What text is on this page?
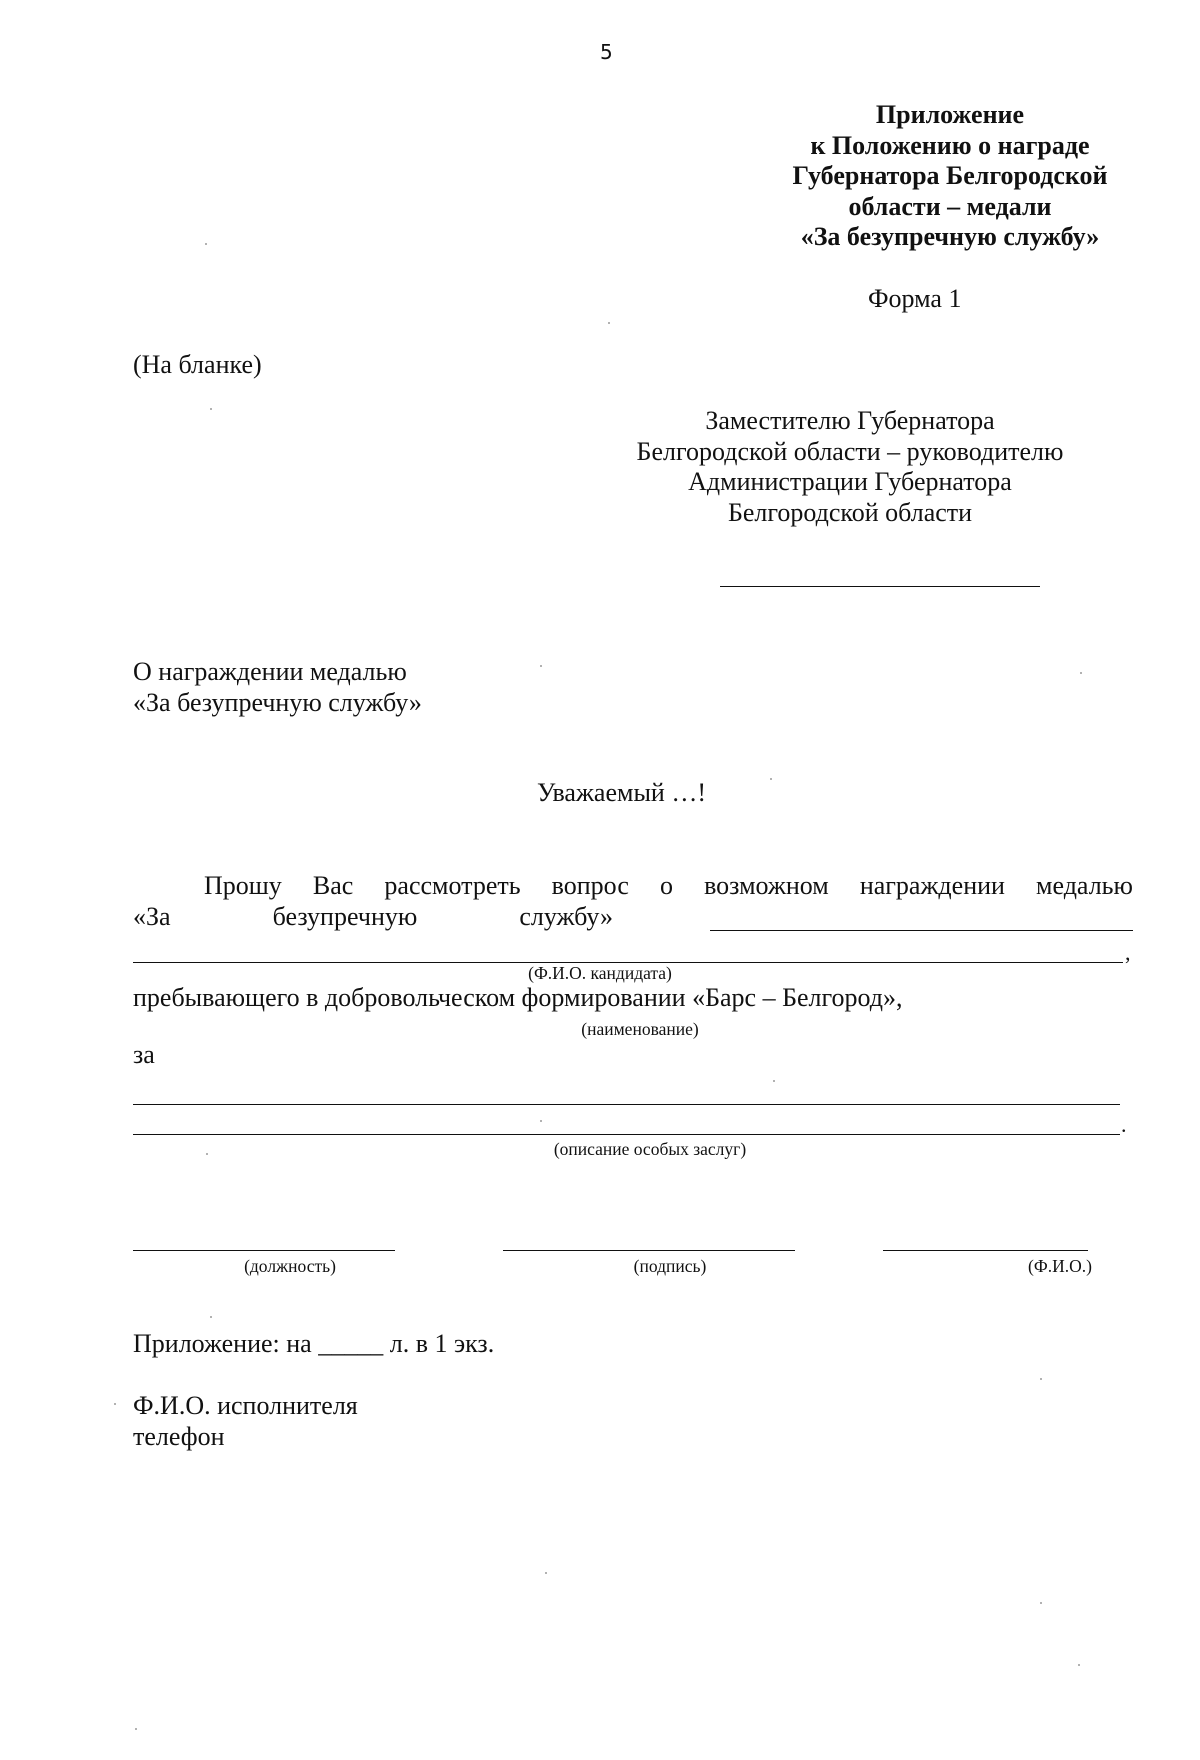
5
Приложение
к Положению о награде
Губернатора Белгородской
области – медали
«За безупречную службу»
Форма 1
(На бланке)
Заместителю Губернатора
Белгородской области – руководителю
Администрации Губернатора
Белгородской области
О награждении медалью
«За безупречную службу»
Уважаемый …!
Прошу Вас рассмотреть вопрос о возможном награждении медалью
«За	безупречную	службу»
,
(Ф.И.О. кандидата)
пребывающего в добровольческом формировании «Барс – Белгород»,
(наименование)
за
.
(описание особых заслуг)
(должность)	(подпись)	(Ф.И.О.)
Приложение: на _____ л. в 1 экз.
Ф.И.О. исполнителя
телефон
